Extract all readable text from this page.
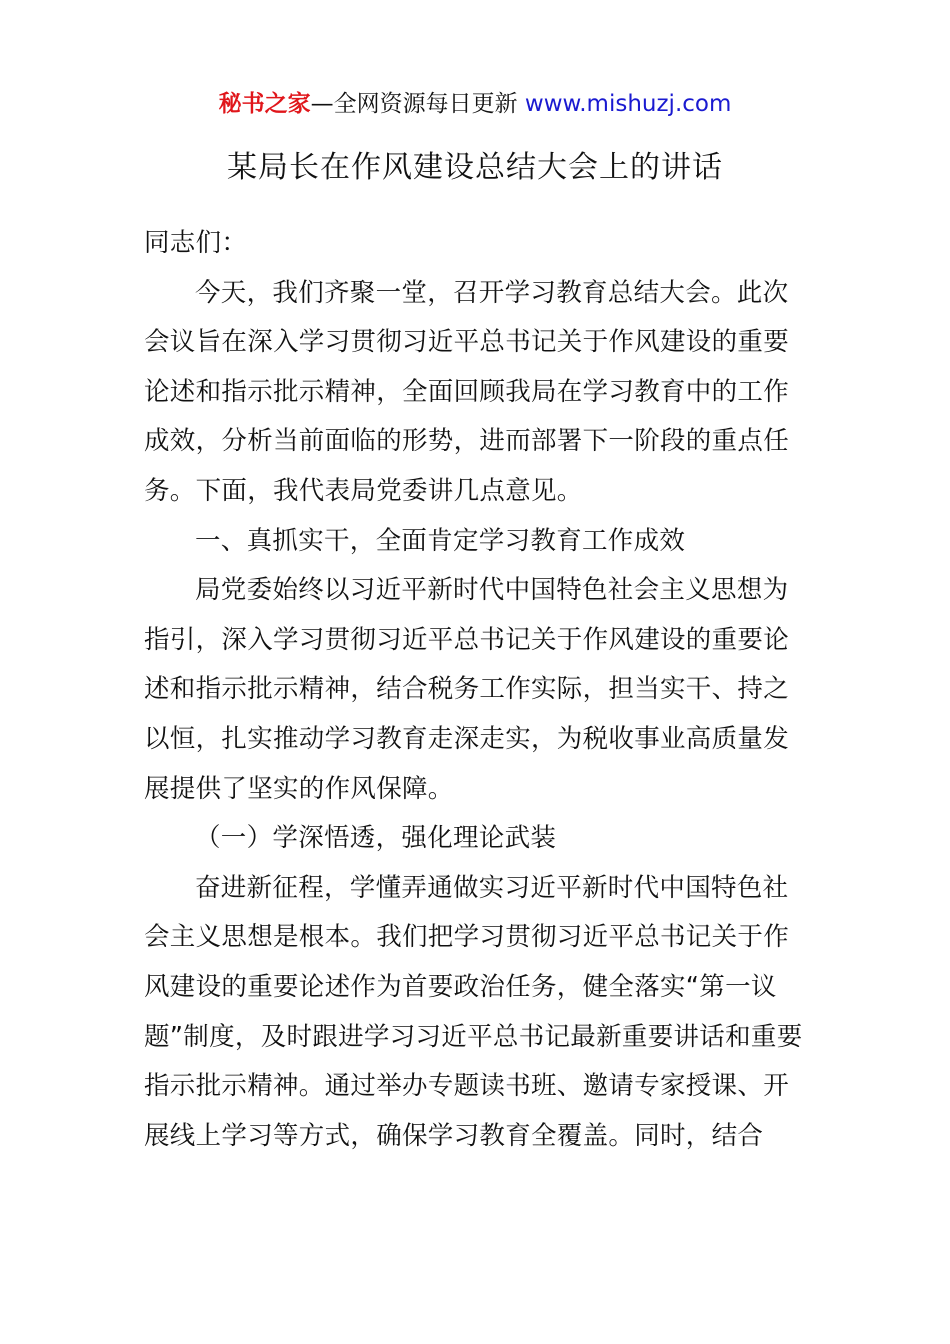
秘书之家—全网资源每日更新 www.mishuzj.com
某局长在作风建设总结大会上的讲话

同志们：

今天，我们齐聚一堂，召开学习教育总结大会。此次会议旨在深入学习贯彻习近平总书记关于作风建设的重要论述和指示批示精神，全面回顾我局在学习教育中的工作成效，分析当前面临的形势，进而部署下一阶段的重点任务。下面，我代表局党委讲几点意见。

一、真抓实干，全面肯定学习教育工作成效

局党委始终以习近平新时代中国特色社会主义思想为指引，深入学习贯彻习近平总书记关于作风建设的重要论述和指示批示精神，结合税务工作实际，担当实干、持之以恒，扎实推动学习教育走深走实，为税收事业高质量发展提供了坚实的作风保障。

（一）学深悟透，强化理论武装

奋进新征程，学懂弄通做实习近平新时代中国特色社会主义思想是根本。我们把学习贯彻习近平总书记关于作风建设的重要论述作为首要政治任务，健全落实“第一议题”制度，及时跟进学习习近平总书记最新重要讲话和重要指示批示精神。通过举办专题读书班、邀请专家授课、开展线上学习等方式，确保学习教育全覆盖。同时，结合
